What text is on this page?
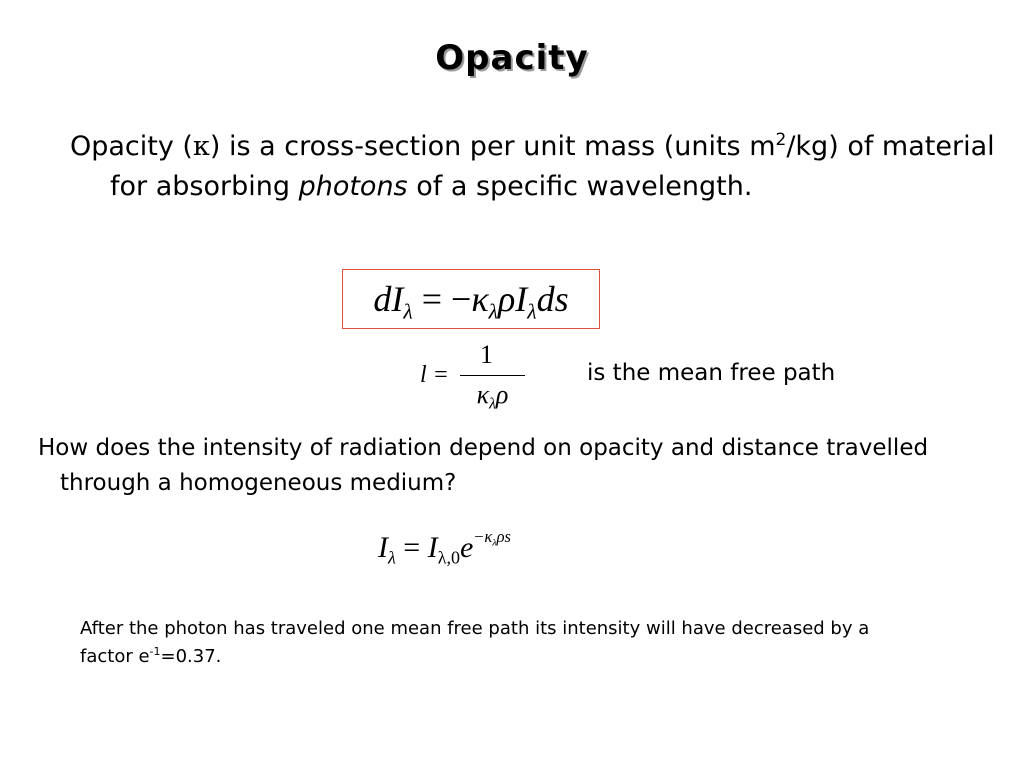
Opacity
Opacity (κ) is a cross-section per unit mass (units $m^2/kg$) of material for absorbing photons of a specific wavelength.
$dI_\lambda = -\kappa_\lambda\rho I_\lambda ds$
l =
1
$\kappa_\lambda\rho$
is the mean free path
How does the intensity of radiation depend on opacity and distance travelled through a homogeneous medium?
$I_\lambda = I_{\lambda,0}e^{-\kappa_\lambda\rho s}$
After the photon has traveled one mean free path its intensity will have decreased by a factor $e^{-1}=0.37$.
